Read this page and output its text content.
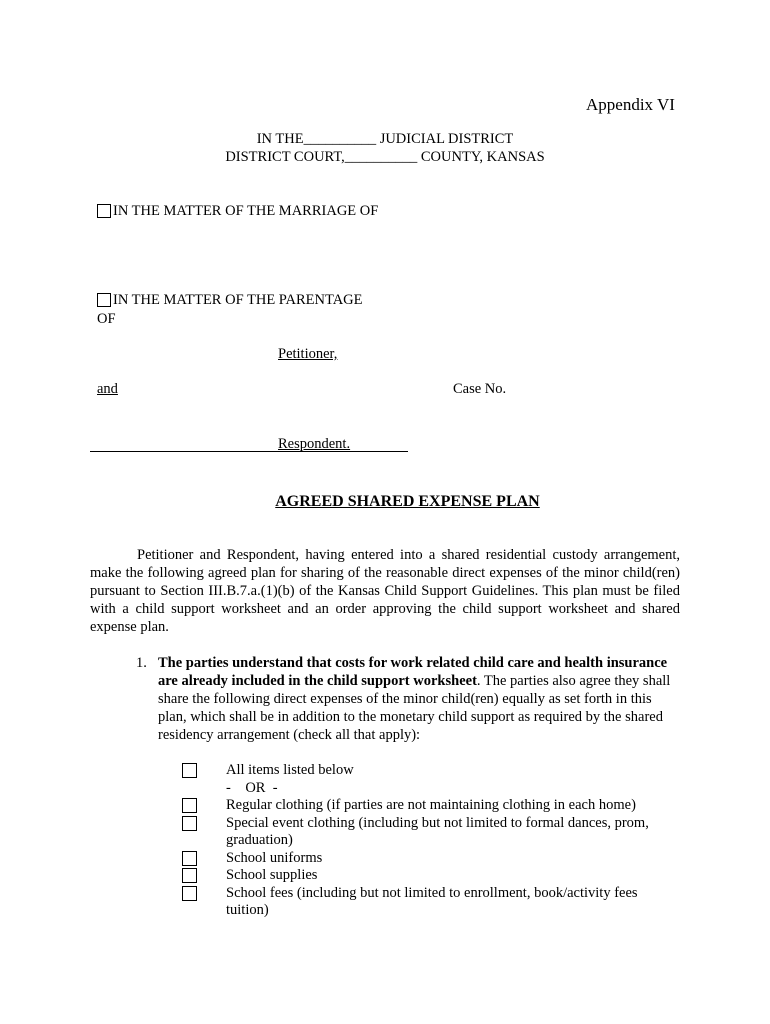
Appendix VI
IN THE__________ JUDICIAL DISTRICT
DISTRICT COURT,__________ COUNTY, KANSAS
IN THE MATTER OF THE MARRIAGE OF
IN THE MATTER OF THE PARENTAGE
OF
Petitioner,
and	Case No.
Respondent.
AGREED SHARED EXPENSE PLAN
Petitioner and Respondent, having entered into a shared residential custody arrangement, make the following agreed plan for sharing of the reasonable direct expenses of the minor child(ren) pursuant to Section III.B.7.a.(1)(b) of the Kansas Child Support Guidelines. This plan must be filed with a child support worksheet and an order approving the child support worksheet and shared expense plan.
1. The parties understand that costs for work related child care and health insurance are already included in the child support worksheet. The parties also agree they shall share the following direct expenses of the minor child(ren) equally as set forth in this plan, which shall be in addition to the monetary child support as required by the shared residency arrangement (check all that apply):
All items listed below
-    OR  -
Regular clothing (if parties are not maintaining clothing in each home)
Special event clothing (including but not limited to formal dances, prom, graduation)
School uniforms
School supplies
School fees (including but not limited to enrollment, book/activity fees tuition)
